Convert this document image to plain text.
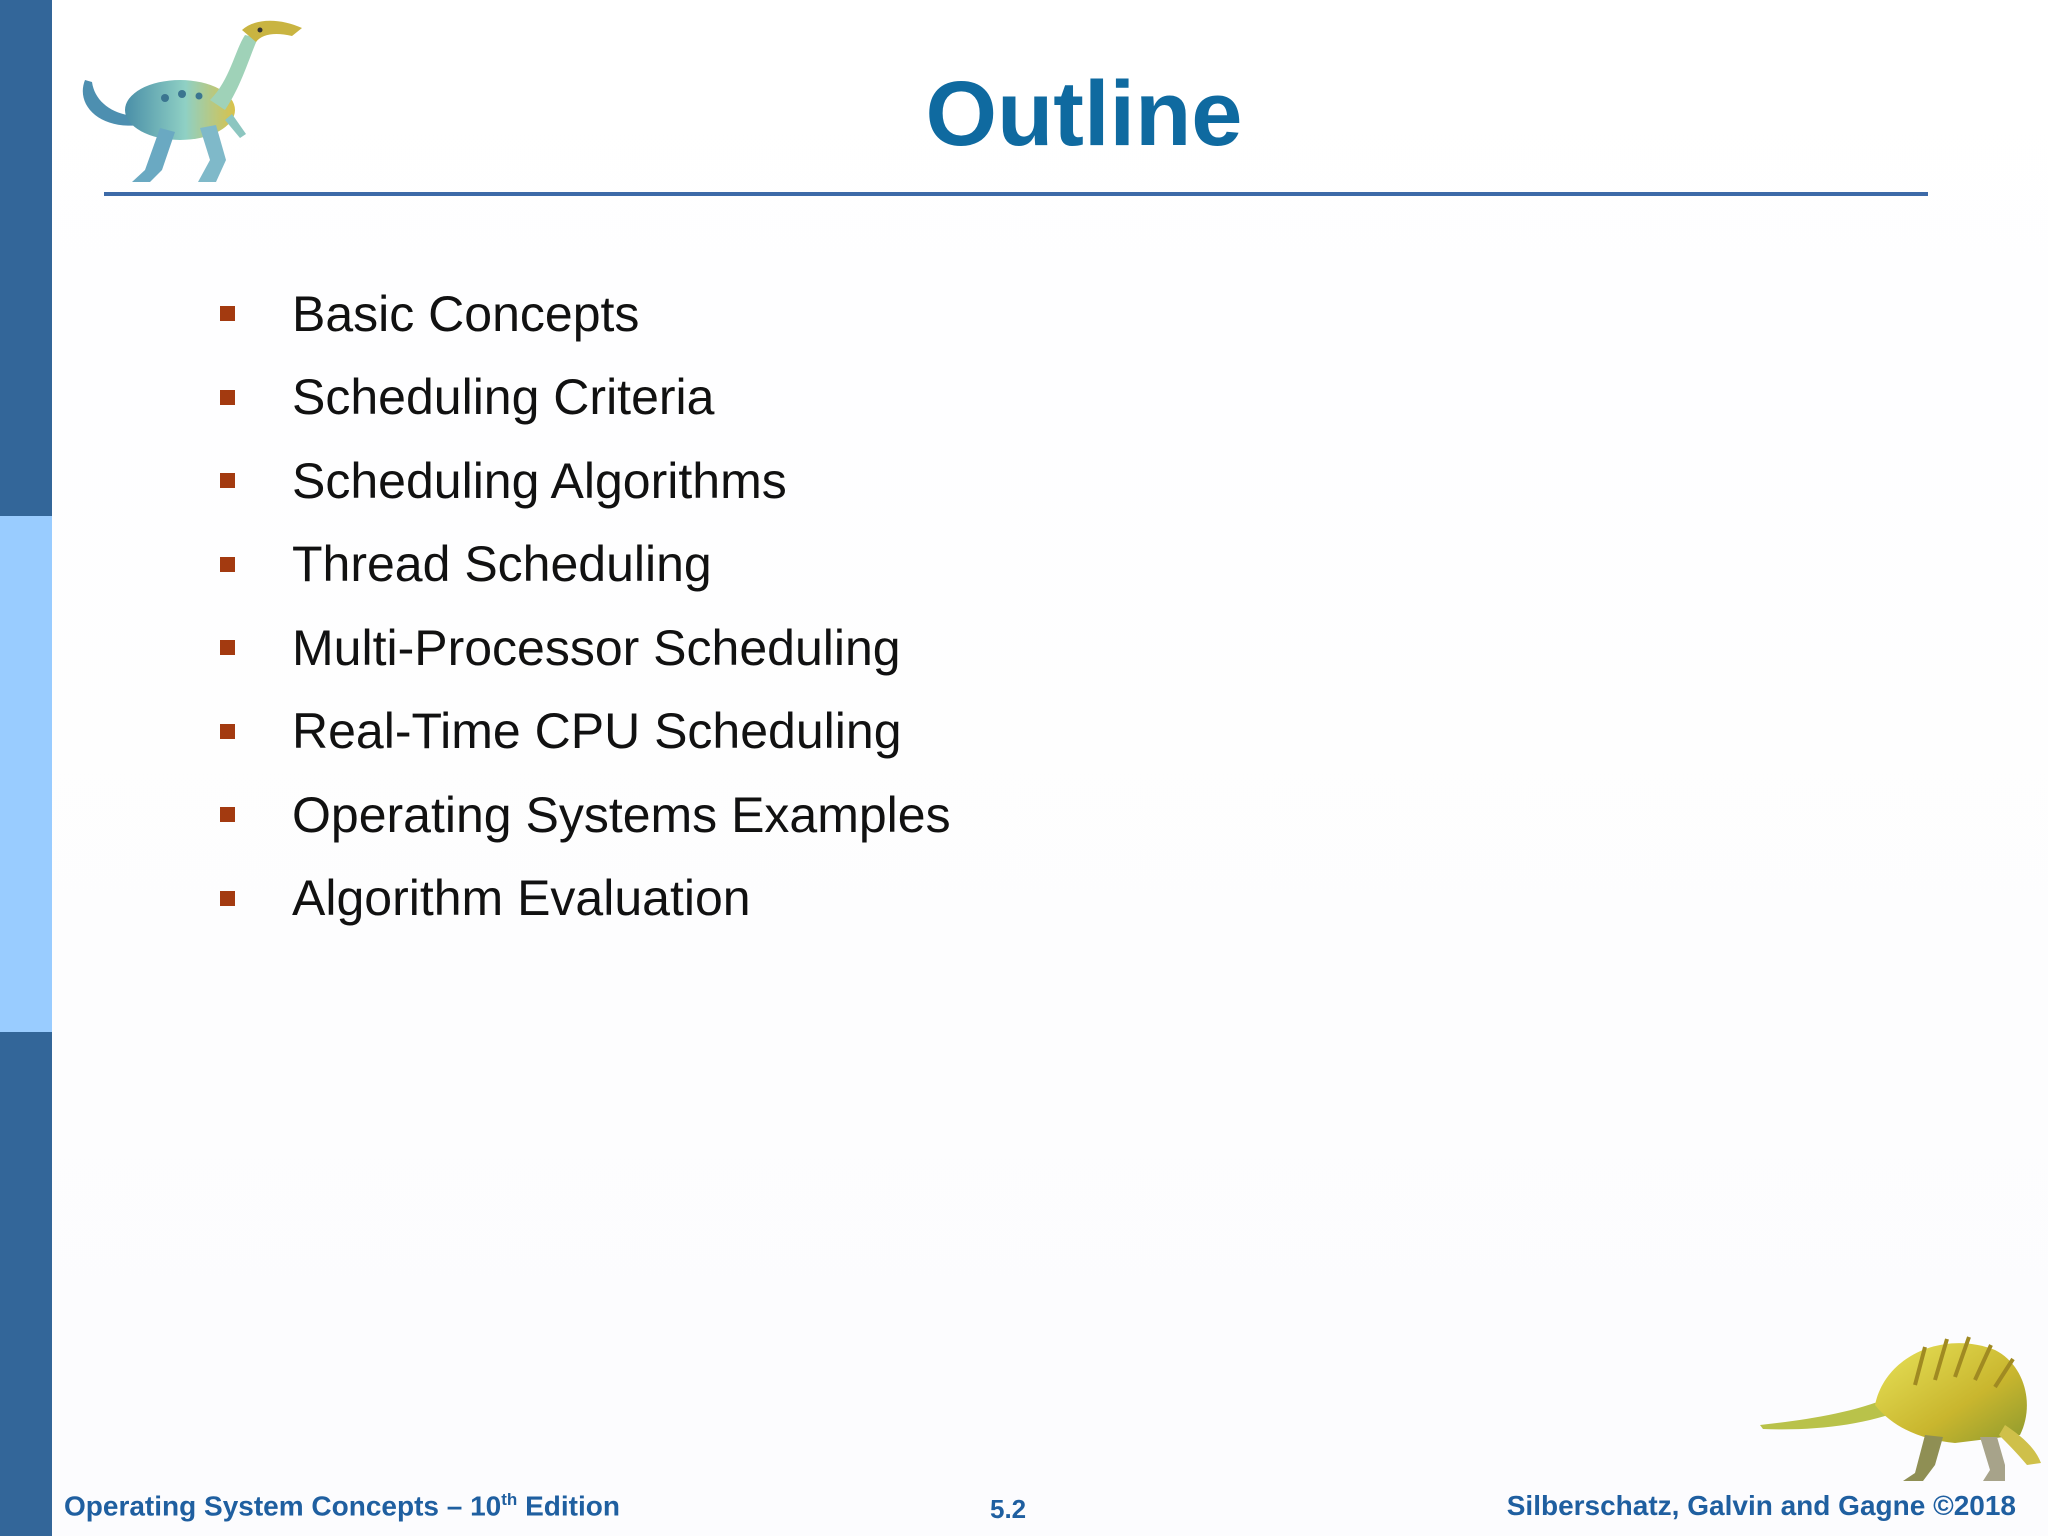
Outline
Basic Concepts
Scheduling Criteria
Scheduling Algorithms
Thread Scheduling
Multi-Processor Scheduling
Real-Time CPU Scheduling
Operating Systems Examples
Algorithm Evaluation
Operating System Concepts – 10th Edition	5.2	Silberschatz, Galvin and Gagne ©2018
